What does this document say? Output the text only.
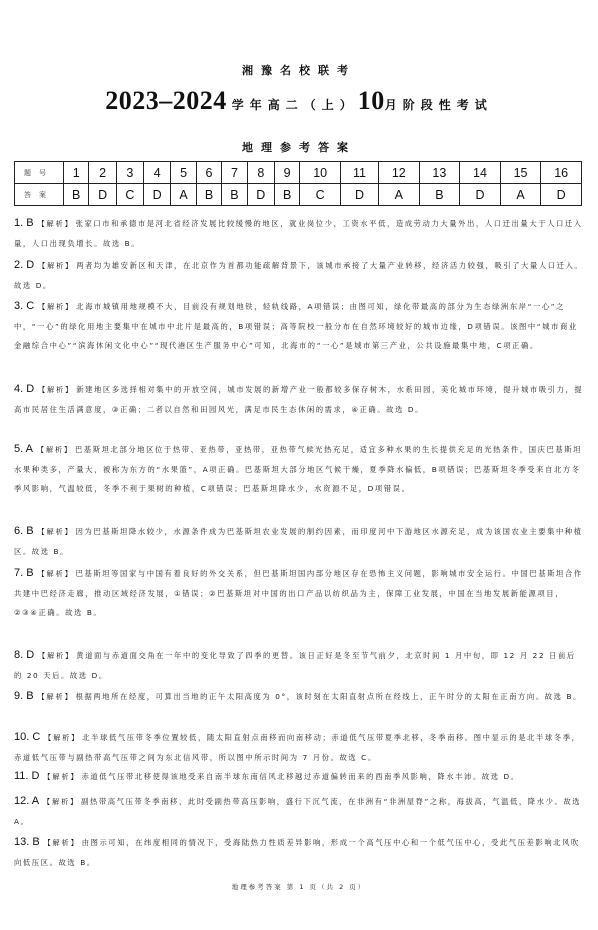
湘豫名校联考
2023–2024 学年高二（上）10月阶段性考试
地理参考答案
题号	1	2	3	4	5	6	7	8	9	10	11	12	13	14	15	16
答案	B	D	C	D	A	B	B	D	B	C	D	A	B	D	A	D
1. B 【解析】 张家口市和承德市是河北省经济发展比较缓慢的地区，就业岗位少，工资水平低，造成劳动力大量外出，人口迁出量大于人口迁入量，人口出现负增长。故选 B。
2. D 【解析】 两者均为雄安新区和天津，在北京作为首都功能疏解背景下，该城市承接了大量产业转移，经济活力较强，吸引了大量人口迁入。故选 D。
3. C 【解析】 北海市城镇用地规模不大，目前没有规划地铁，轻轨线路，A项错误；由图可知，绿化带最高的部分为生态绿洲东岸“一心”之中，“一心”的绿化用地主要集中在城市中北片是最高的，B项错误；高等院校一般分布在自然环境较好的城市边缘，D项错误。该图中“城市商业金融综合中心”“滨海休闲文化中心”“现代港区生产服务中心”可知，北海市的“一心”是城市第三产业，公共设施最集中地，C项正确。
4. D 【解析】 新建地区多选择相对集中的开放空间，城市发展的新增产业一般都较多保存树木，水系田园，美化城市环境，提升城市吸引力，提高市民居住生活满意度，③正确；二者以自然和田园风光，满足市民生态休闲的需求，④正确。故选 D。
5. A 【解析】 巴基斯坦北部分地区位于热带、亚热带，亚热带，亚热带气候光热充足，适宜多种水果的生长提供充足的光热条件，国庆巴基斯坦水果种类多，产量大，被称为东方的“水果篮”，A项正确。巴基斯坦大部分地区气候干燥，夏季降水偏低，B项错误；巴基斯坦冬季受来自北方冬季风影响，气温较低，冬季不利于果树的种植，C项错误；巴基斯坦降水少，水资源不足，D项错误。
6. B 【解析】 因为巴基斯坦降水较少，水源条件成为巴基斯坦农业发展的制约因素，而印度河中下游地区水源充足，成为该国农业主要集中种植区。故选 B。
7. B 【解析】 巴基斯坦等国家与中国有着良好的外交关系，但巴基斯坦国内部分地区存在恐怖主义问题，影响城市安全运行。中国巴基斯坦合作共建中巴经济走廊，推动区域经济发展，①错误；②巴基斯坦对中国的出口产品以纺织品为主，保障工业发展，中国在当地发展新能源项目，②③④正确。故选 B。
8. D 【解析】 黄道面与赤道面交角在一年中的变化导致了四季的更替。该日正好是冬至节气前夕，北京时间 1 月中旬，即 12 月 22 日前后的 20 天后。故选 D。
9. B 【解析】 根据两地所在经度，可算出当地的正午太阳高度为 0°，该时刻在太阳直射点所在经线上，正午时分的太阳在正南方向。故选 B。
10. C 【解析】 北半球低气压带冬季位置较低，随太阳直射点南移而向南移动；赤道低气压带夏季北移，冬季南移。图中显示的是北半球冬季，赤道低气压带与副热带高气压带之间为东北信风带，所以图中所示时间为 7 月份。故选 C。
11. D 【解析】 赤道低气压带北移使得该地受来自南半球东南信风北移越过赤道偏转而来的西南季风影响，降水丰沛。故选 D。
12. A 【解析】 副热带高气压带冬季南移，此时受副热带高压影响，盛行下沉气流，在非洲有“非洲屋脊”之称，海拔高，气温低，降水少。故选 A。
13. B 【解析】 由图示可知，在纬度相同的情况下，受海陆热力性质差异影响，形成一个高气压中心和一个低气压中心，受此气压差影响北风吹向低压区。故选 B。
地理参考答案 第 1 页（共 2 页）
